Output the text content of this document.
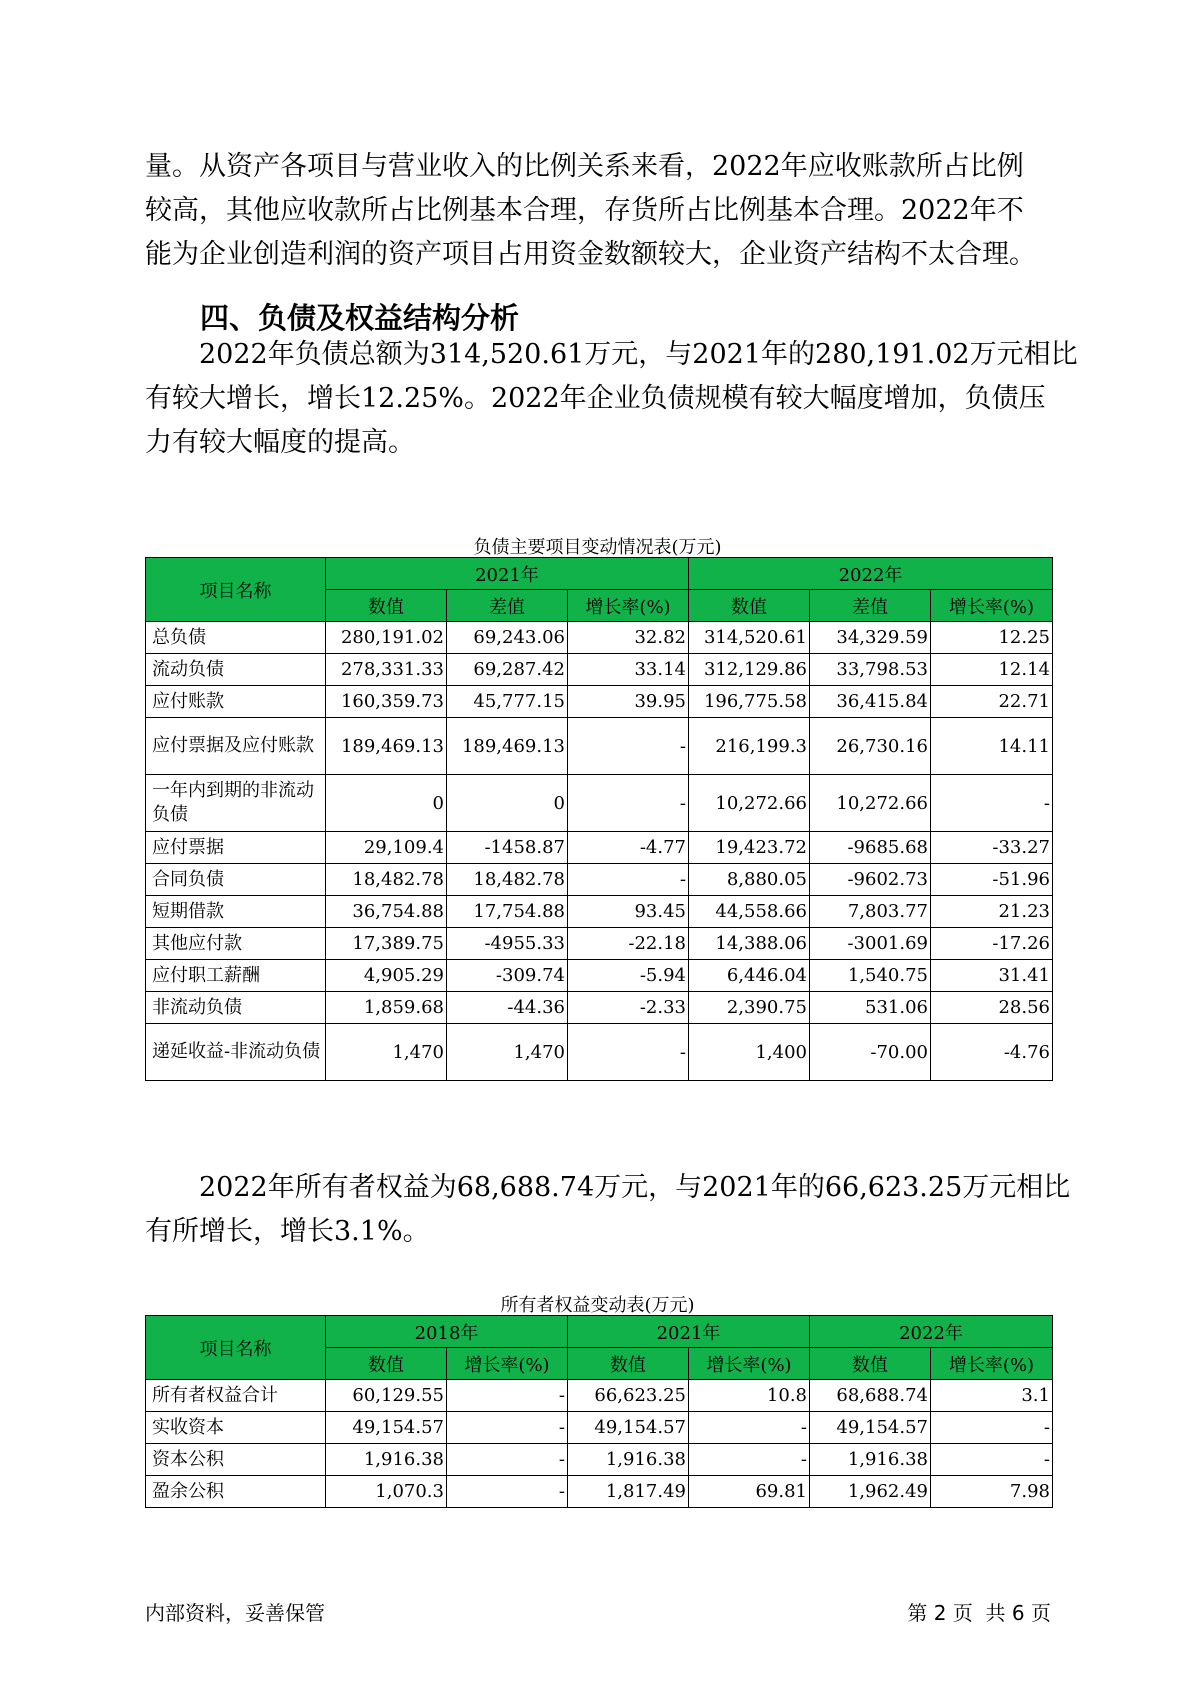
量。从资产各项目与营业收入的比例关系来看，2022年应收账款所占比例
较高，其他应收款所占比例基本合理，存货所占比例基本合理。2022年不
能为企业创造利润的资产项目占用资金数额较大，企业资产结构不太合理。
四、负债及权益结构分析
2022年负债总额为314,520.61万元，与2021年的280,191.02万元相比
有较大增长，增长12.25%。2022年企业负债规模有较大幅度增加，负债压
力有较大幅度的提高。
负债主要项目变动情况表(万元)
项目名称	2021年			2022年		
	数值	差值	增长率(%)	数值	差值	增长率(%)
总负债	280,191.02	69,243.06	32.82	314,520.61	34,329.59	12.25
流动负债	278,331.33	69,287.42	33.14	312,129.86	33,798.53	12.14
应付账款	160,359.73	45,777.15	39.95	196,775.58	36,415.84	22.71
应付票据及应付账款	189,469.13	189,469.13	-	216,199.3	26,730.16	14.11
一年内到期的非流动负债	0	0	-	10,272.66	10,272.66	-
应付票据	29,109.4	-1458.87	-4.77	19,423.72	-9685.68	-33.27
合同负债	18,482.78	18,482.78	-	8,880.05	-9602.73	-51.96
短期借款	36,754.88	17,754.88	93.45	44,558.66	7,803.77	21.23
其他应付款	17,389.75	-4955.33	-22.18	14,388.06	-3001.69	-17.26
应付职工薪酬	4,905.29	-309.74	-5.94	6,446.04	1,540.75	31.41
非流动负债	1,859.68	-44.36	-2.33	2,390.75	531.06	28.56
递延收益-非流动负债	1,470	1,470	-	1,400	-70.00	-4.76
2022年所有者权益为68,688.74万元，与2021年的66,623.25万元相比
有所增长，增长3.1%。
所有者权益变动表(万元)
项目名称	2018年		2021年		2022年	
	数值	增长率(%)	数值	增长率(%)	数值	增长率(%)
所有者权益合计	60,129.55	-	66,623.25	10.8	68,688.74	3.1
实收资本	49,154.57	-	49,154.57	-	49,154.57	-
资本公积	1,916.38	-	1,916.38	-	1,916.38	-
盈余公积	1,070.3	-	1,817.49	69.81	1,962.49	7.98
内部资料，妥善保管	第 2 页  共 6 页
